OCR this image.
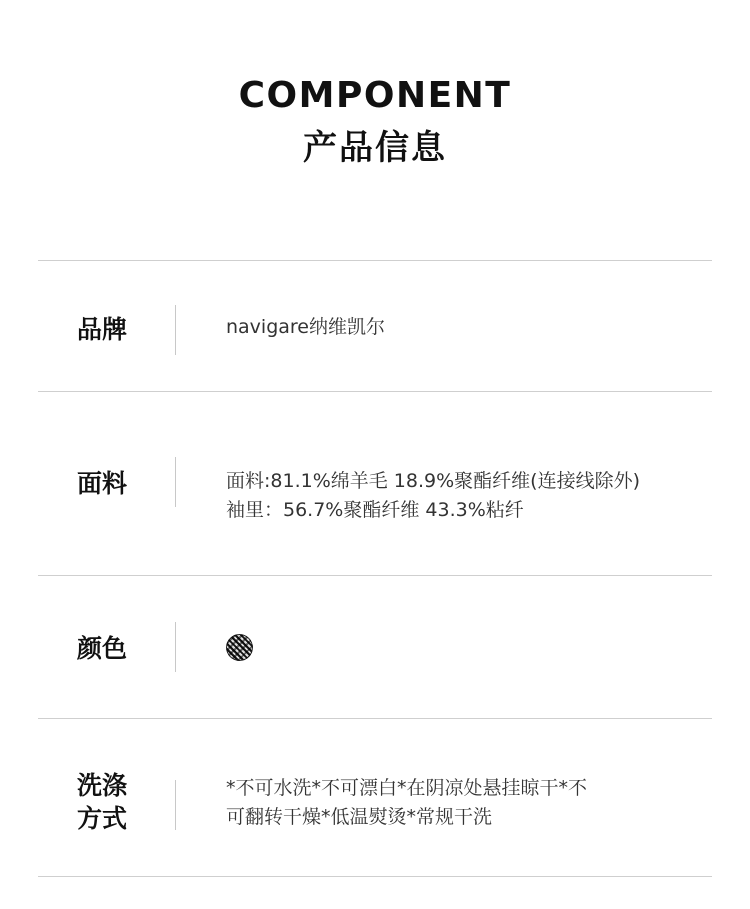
COMPONENT
产品信息
品牌	navigare纳维凯尔
面料	面料:81.1%绵羊毛 18.9%聚酯纤维(连接线除外)
袖里：56.7%聚酯纤维 43.3%粘纤
颜色
洗涤
方式
*不可水洗*不可漂白*在阴凉处悬挂晾干*不
可翻转干燥*低温熨烫*常规干洗
